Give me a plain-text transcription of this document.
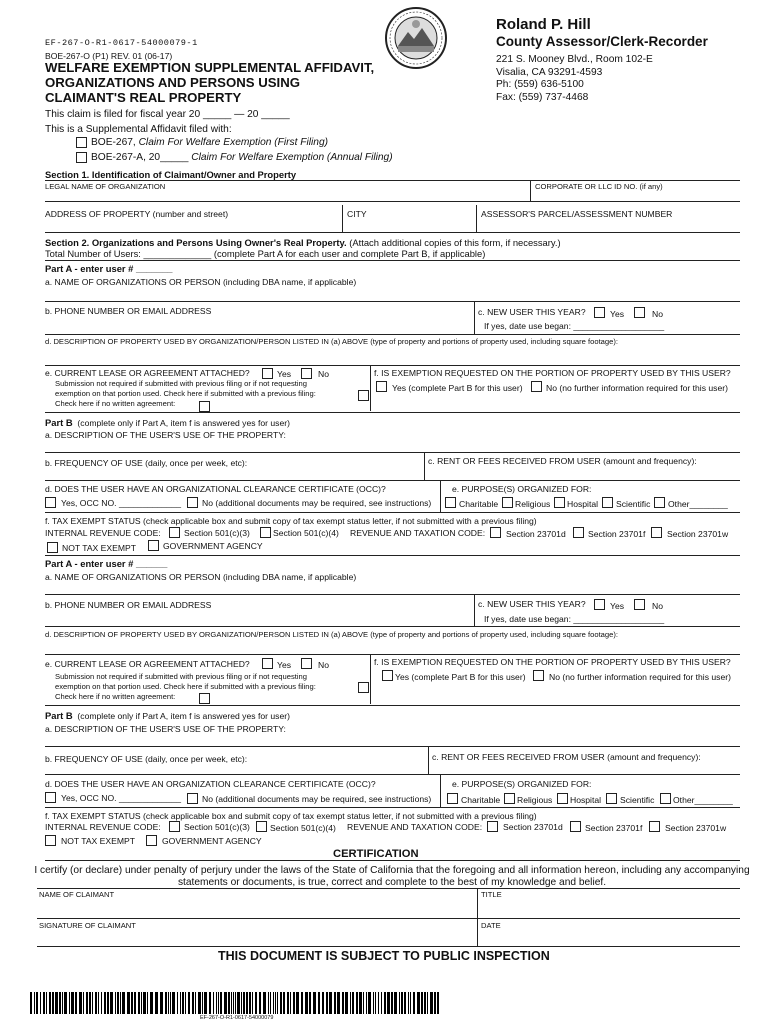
EF-267-O-R1-0617-54000079-1
BOE-267-O (P1) REV. 01 (06-17)
WELFARE EXEMPTION SUPPLEMENTAL AFFIDAVIT,
ORGANIZATIONS AND PERSONS USING
CLAIMANT'S REAL PROPERTY
Roland P. Hill
County Assessor/Clerk-Recorder
221 S. Mooney Blvd., Room 102-E
Visalia, CA 93291-4593
Ph: (559) 636-5100
Fax: (559) 737-4468
This claim is filed for fiscal year 20 _____ — 20 _____
This is a Supplemental Affidavit filed with:
BOE-267, Claim For Welfare Exemption (First Filing)
BOE-267-A, 20_____ Claim For Welfare Exemption (Annual Filing)
Section 1. Identification of Claimant/Owner and Property
LEGAL NAME OF ORGANIZATION	CORPORATE OR LLC ID NO. (if any)
ADDRESS OF PROPERTY (number and street)	CITY	ASSESSOR'S PARCEL/ASSESSMENT NUMBER
Section 2. Organizations and Persons Using Owner's Real Property. (Attach additional copies of this form, if necessary.)
Total Number of Users: _____________ (complete Part A for each user and complete Part B, if applicable)
Part A - enter user # _______
a. NAME OF ORGANIZATIONS OR PERSON (including DBA name, if applicable)
b. PHONE NUMBER OR EMAIL ADDRESS	c. NEW USER THIS YEAR?	Yes	No
If yes, date use began: ___________________
d. DESCRIPTION OF PROPERTY USED BY ORGANIZATION/PERSON LISTED IN (a) ABOVE (type of property and portions of property used, including square footage):
e. CURRENT LEASE OR AGREEMENT ATTACHED?	Yes	No
Submission not required if submitted with previous filing or if not requesting
exemption on that portion used. Check here if submitted with a previous filing:
Check here if no written agreement:
f. IS EXEMPTION REQUESTED ON THE PORTION OF PROPERTY USED BY THIS USER?
Yes (complete Part B for this user)	No (no further information required for this user)
Part B (complete only if Part A, item f is answered yes for user)
a. DESCRIPTION OF THE USER'S USE OF THE PROPERTY:
b. FREQUENCY OF USE (daily, once per week, etc):	c. RENT OR FEES RECEIVED FROM USER (amount and frequency):
d. DOES THE USER HAVE AN ORGANIZATIONAL CLEARANCE CERTIFICATE (OCC)?
Yes, OCC NO. _____________ No (additional documents may be required, see instructions)
e. PURPOSE(S) ORGANIZED FOR:
Charitable Religious Hospital Scientific Other________
f. TAX EXEMPT STATUS (check applicable box and submit copy of tax exempt status letter, if not submitted with a previous filing)
INTERNAL REVENUE CODE:	Section 501(c)(3)	Section 501(c)(4) REVENUE AND TAXATION CODE: Section 23701d	Section 23701f	Section 23701w
NOT TAX EXEMPT	GOVERNMENT AGENCY
Part A - enter user # ______
a. NAME OF ORGANIZATIONS OR PERSON (including DBA name, if applicable)
b. PHONE NUMBER OR EMAIL ADDRESS	c. NEW USER THIS YEAR?	Yes	No
If yes, date use began: ___________________
d. DESCRIPTION OF PROPERTY USED BY ORGANIZATION/PERSON LISTED IN (a) ABOVE (type of property and portions of property used, including square footage):
e. CURRENT LEASE OR AGREEMENT ATTACHED?	Yes	No
Submission not required if submitted with previous filing or if not requesting
exemption on that portion used. Check here if submitted with a previous filing:
Check here if no written agreement:
f. IS EXEMPTION REQUESTED ON THE PORTION OF PROPERTY USED BY THIS USER?
Yes (complete Part B for this user)	No (no further information required for this user)
Part B (complete only if Part A, item f is answered yes for user)
a. DESCRIPTION OF THE USER'S USE OF THE PROPERTY:
b. FREQUENCY OF USE (daily, once per week, etc):	c. RENT OR FEES RECEIVED FROM USER (amount and frequency):
d. DOES THE USER HAVE AN ORGANIZATION CLEARANCE CERTIFICATE (OCC)?
Yes, OCC NO. _____________ No (additional documents may be required, see instructions)
e. PURPOSE(S) ORGANIZED FOR:
Charitable Religious Hospital Scientific Other________
f. TAX EXEMPT STATUS (check applicable box and submit copy of tax exempt status letter, if not submitted with a previous filing)
INTERNAL REVENUE CODE:	Section 501(c)(3) Section 501(c)(4) REVENUE AND TAXATION CODE: Section 23701d	Section 23701f	Section 23701w
NOT TAX EXEMPT	GOVERNMENT AGENCY
CERTIFICATION
I certify (or declare) under penalty of perjury under the laws of the State of California that the foregoing and all information hereon, including any accompanying
statements or documents, is true, correct and complete to the best of my knowledge and belief.
NAME OF CLAIMANT	TITLE
SIGNATURE OF CLAIMANT	DATE
THIS DOCUMENT IS SUBJECT TO PUBLIC INSPECTION
EF-267-O-R1-0617-54000079
